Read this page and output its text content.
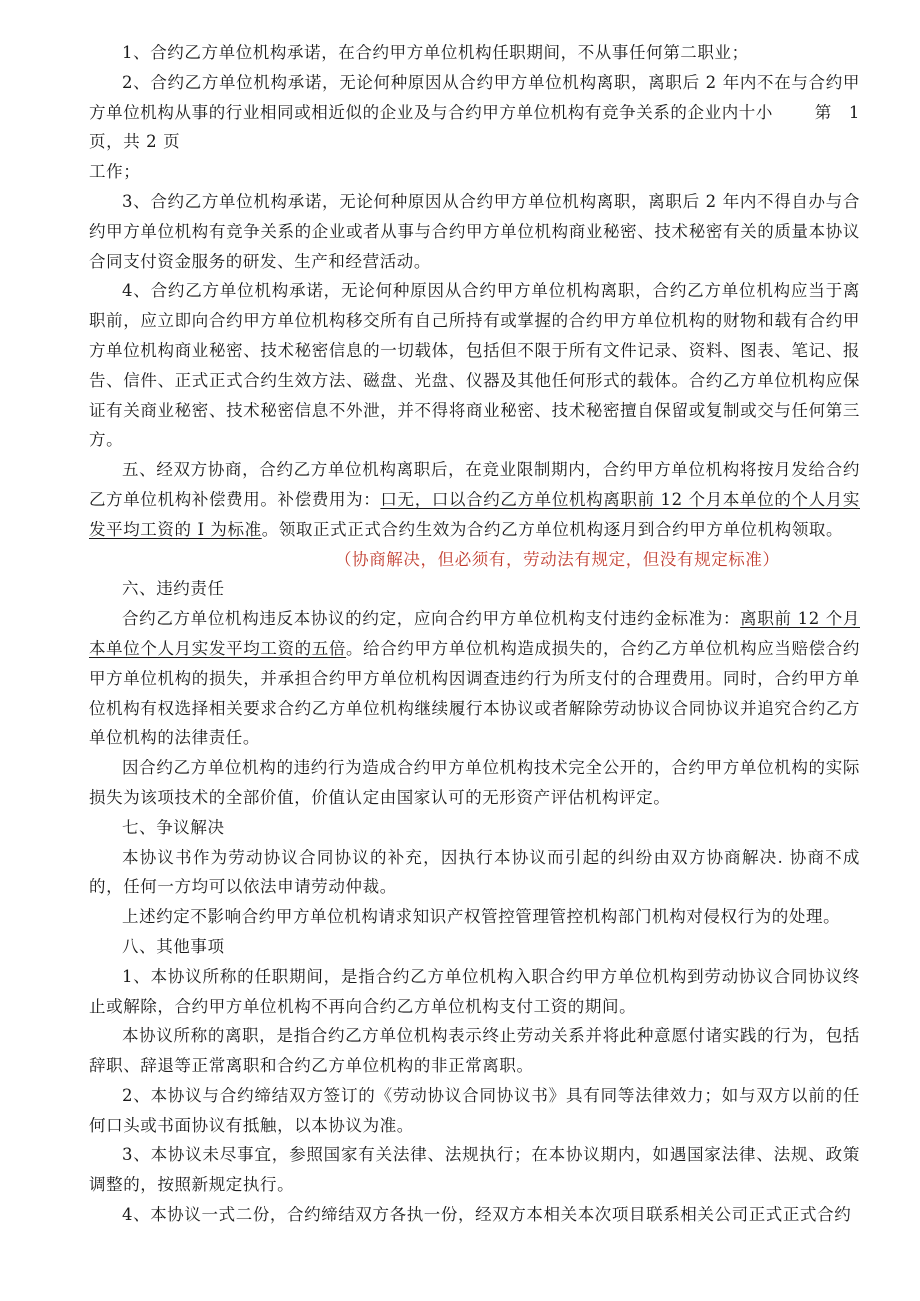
1、合约乙方单位机构承诺，在合约甲方单位机构任职期间，不从事任何第二职业；

2、合约乙方单位机构承诺，无论何种原因从合约甲方单位机构离职，离职后 2 年内不在与合约甲方单位机构从事的行业相同或相近似的企业及与合约甲方单位机构有竞争关系的企业内十小	第　1

页，共 2 页

工作；

3、合约乙方单位机构承诺，无论何种原因从合约甲方单位机构离职，离职后 2 年内不得自办与合约甲方单位机构有竞争关系的企业或者从事与合约甲方单位机构商业秘密、技术秘密有关的质量本协议合同支付资金服务的研发、生产和经营活动。

4、合约乙方单位机构承诺，无论何种原因从合约甲方单位机构离职，合约乙方单位机构应当于离职前，应立即向合约甲方单位机构移交所有自己所持有或掌握的合约甲方单位机构的财物和载有合约甲方单位机构商业秘密、技术秘密信息的一切载体，包括但不限于所有文件记录、资料、图表、笔记、报告、信件、正式正式合约生效方法、磁盘、光盘、仪器及其他任何形式的载体。合约乙方单位机构应保证有关商业秘密、技术秘密信息不外泄，并不得将商业秘密、技术秘密擅自保留或复制或交与任何第三方。

五、经双方协商，合约乙方单位机构离职后，在竞业限制期内，合约甲方单位机构将按月发给合约乙方单位机构补偿费用。补偿费用为：口无，口以合约乙方单位机构离职前 12 个月本单位的个人月实发平均工资的 I 为标准。领取正式正式合约生效为合约乙方单位机构逐月到合约甲方单位机构领取。

（协商解决，但必须有，劳动法有规定，但没有规定标准）

六、违约责任

合约乙方单位机构违反本协议的约定，应向合约甲方单位机构支付违约金标准为：离职前 12 个月本单位个人月实发平均工资的五倍。给合约甲方单位机构造成损失的，合约乙方单位机构应当赔偿合约甲方单位机构的损失，并承担合约甲方单位机构因调查违约行为所支付的合理费用。同时，合约甲方单位机构有权选择相关要求合约乙方单位机构继续履行本协议或者解除劳动协议合同协议并追究合约乙方单位机构的法律责任。

因合约乙方单位机构的违约行为造成合约甲方单位机构技术完全公开的，合约甲方单位机构的实际损失为该项技术的全部价值，价值认定由国家认可的无形资产评估机构评定。

七、争议解决

本协议书作为劳动协议合同协议的补充，因执行本协议而引起的纠纷由双方协商解决. 协商不成的，任何一方均可以依法申请劳动仲裁。

上述约定不影响合约甲方单位机构请求知识产权管控管理管控机构部门机构对侵权行为的处理。

八、其他事项

1、本协议所称的任职期间，是指合约乙方单位机构入职合约甲方单位机构到劳动协议合同协议终止或解除，合约甲方单位机构不再向合约乙方单位机构支付工资的期间。

本协议所称的离职，是指合约乙方单位机构表示终止劳动关系并将此种意愿付诸实践的行为，包括辞职、辞退等正常离职和合约乙方单位机构的非正常离职。

2、本协议与合约缔结双方签订的《劳动协议合同协议书》具有同等法律效力；如与双方以前的任何口头或书面协议有抵触，以本协议为准。

3、本协议未尽事宜，参照国家有关法律、法规执行；在本协议期内，如遇国家法律、法规、政策调整的，按照新规定执行。

4、本协议一式二份，合约缔结双方各执一份，经双方本相关本次项目联系相关公司正式正式合约
